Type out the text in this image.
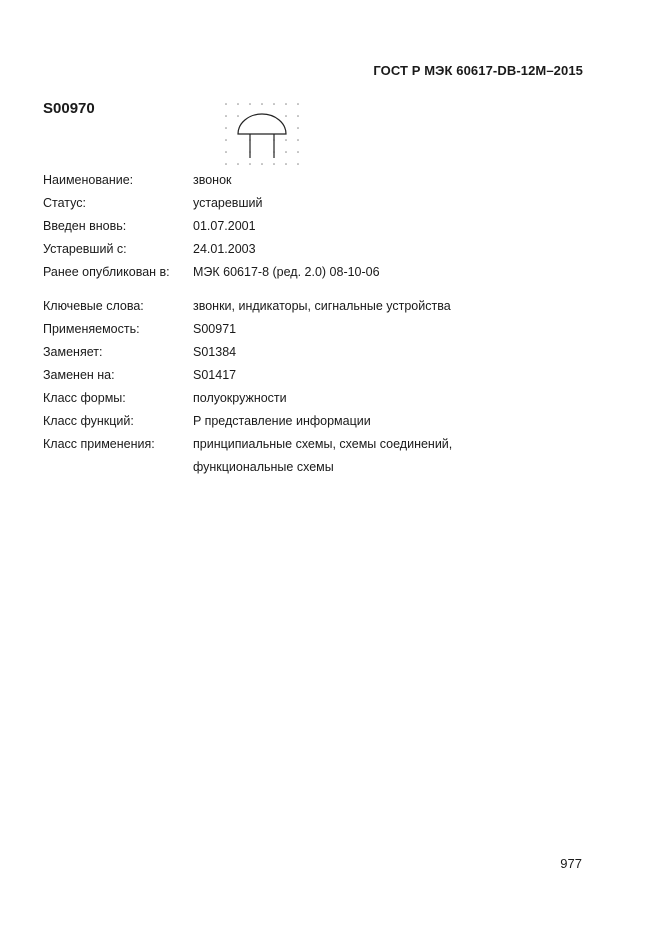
ГОСТ Р МЭК 60617-DB-12M–2015
S00970
Наименование:	звонок
Статус:	устаревший
Введен вновь:	01.07.2001
Устаревший с:	24.01.2003
Ранее опубликован в:	МЭК 60617-8 (ред. 2.0) 08-10-06
Ключевые слова:	звонки, индикаторы, сигнальные устройства
Применяемость:	S00971
Заменяет:	S01384
Заменен на:	S01417
Класс формы:	полуокружности
Класс функций:	P представление информации
Класс применения:	принципиальные схемы, схемы соединений,
функциональные схемы
977
